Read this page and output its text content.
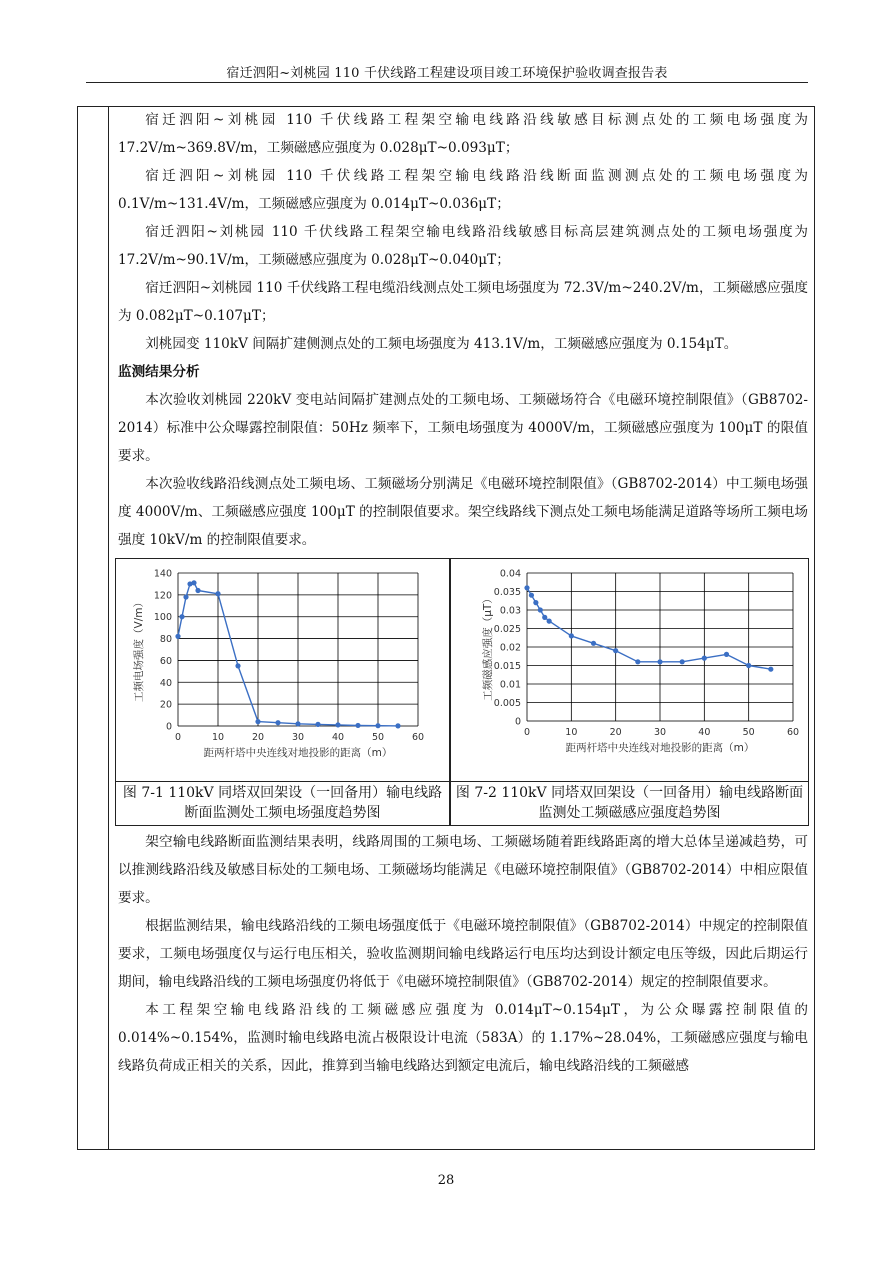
宿迁泗阳~刘桃园 110 千伏线路工程建设项目竣工环境保护验收调查报告表

宿迁泗阳~刘桃园 110 千伏线路工程架空输电线路沿线敏感目标测点处的工频电场强度为 17.2V/m~369.8V/m，工频磁感应强度为 0.028μT~0.093μT；

宿迁泗阳~刘桃园 110 千伏线路工程架空输电线路沿线断面监测测点处的工频电场强度为 0.1V/m~131.4V/m，工频磁感应强度为 0.014μT~0.036μT；

宿迁泗阳~刘桃园 110 千伏线路工程架空输电线路沿线敏感目标高层建筑测点处的工频电场强度为 17.2V/m~90.1V/m，工频磁感应强度为 0.028μT~0.040μT；

宿迁泗阳~刘桃园 110 千伏线路工程电缆沿线测点处工频电场强度为 72.3V/m~240.2V/m，工频磁感应强度为 0.082μT~0.107μT；

刘桃园变 110kV 间隔扩建侧测点处的工频电场强度为 413.1V/m，工频磁感应强度为 0.154μT。

监测结果分析

本次验收刘桃园 220kV 变电站间隔扩建测点处的工频电场、工频磁场符合《电磁环境控制限值》（GB8702-2014）标准中公众曝露控制限值：50Hz 频率下，工频电场强度为 4000V/m，工频磁感应强度为 100μT 的限值要求。

本次验收线路沿线测点处工频电场、工频磁场分别满足《电磁环境控制限值》（GB8702-2014）中工频电场强度 4000V/m、工频磁感应强度 100μT 的控制限值要求。架空线路线下测点处工频电场能满足道路等场所工频电场强度 10kV/m 的控制限值要求。

0
20
40
60
80
100
120
140
0	10	20	30	40	50	60
距两杆塔中央连线对地投影的距离（m）
工频电场强度（V/m）
图 7-1 110kV 同塔双回架设（一回备用）输电线路断面监测处工频电场强度趋势图
0
0.005
0.01
0.015
0.02
0.025
0.03
0.035
0.04
0	10	20	30	40	50	60
距两杆塔中央连线对地投影的距离（m）
工频磁感应强度（μT）
图 7-2 110kV 同塔双回架设（一回备用）输电线路断面监测处工频磁感应强度趋势图

架空输电线路断面监测结果表明，线路周围的工频电场、工频磁场随着距线路距离的增大总体呈递减趋势，可以推测线路沿线及敏感目标处的工频电场、工频磁场均能满足《电磁环境控制限值》（GB8702-2014）中相应限值要求。

根据监测结果，输电线路沿线的工频电场强度低于《电磁环境控制限值》（GB8702-2014）中规定的控制限值要求，工频电场强度仅与运行电压相关，验收监测期间输电线路运行电压均达到设计额定电压等级，因此后期运行期间，输电线路沿线的工频电场强度仍将低于《电磁环境控制限值》（GB8702-2014）规定的控制限值要求。

本工程架空输电线路沿线的工频磁感应强度为 0.014μT~0.154μT，为公众曝露控制限值的 0.014%~0.154%，监测时输电线路电流占极限设计电流（583A）的 1.17%~28.04%，工频磁感应强度与输电线路负荷成正相关的关系，因此，推算到当输电线路达到额定电流后，输电线路沿线的工频磁感

28
